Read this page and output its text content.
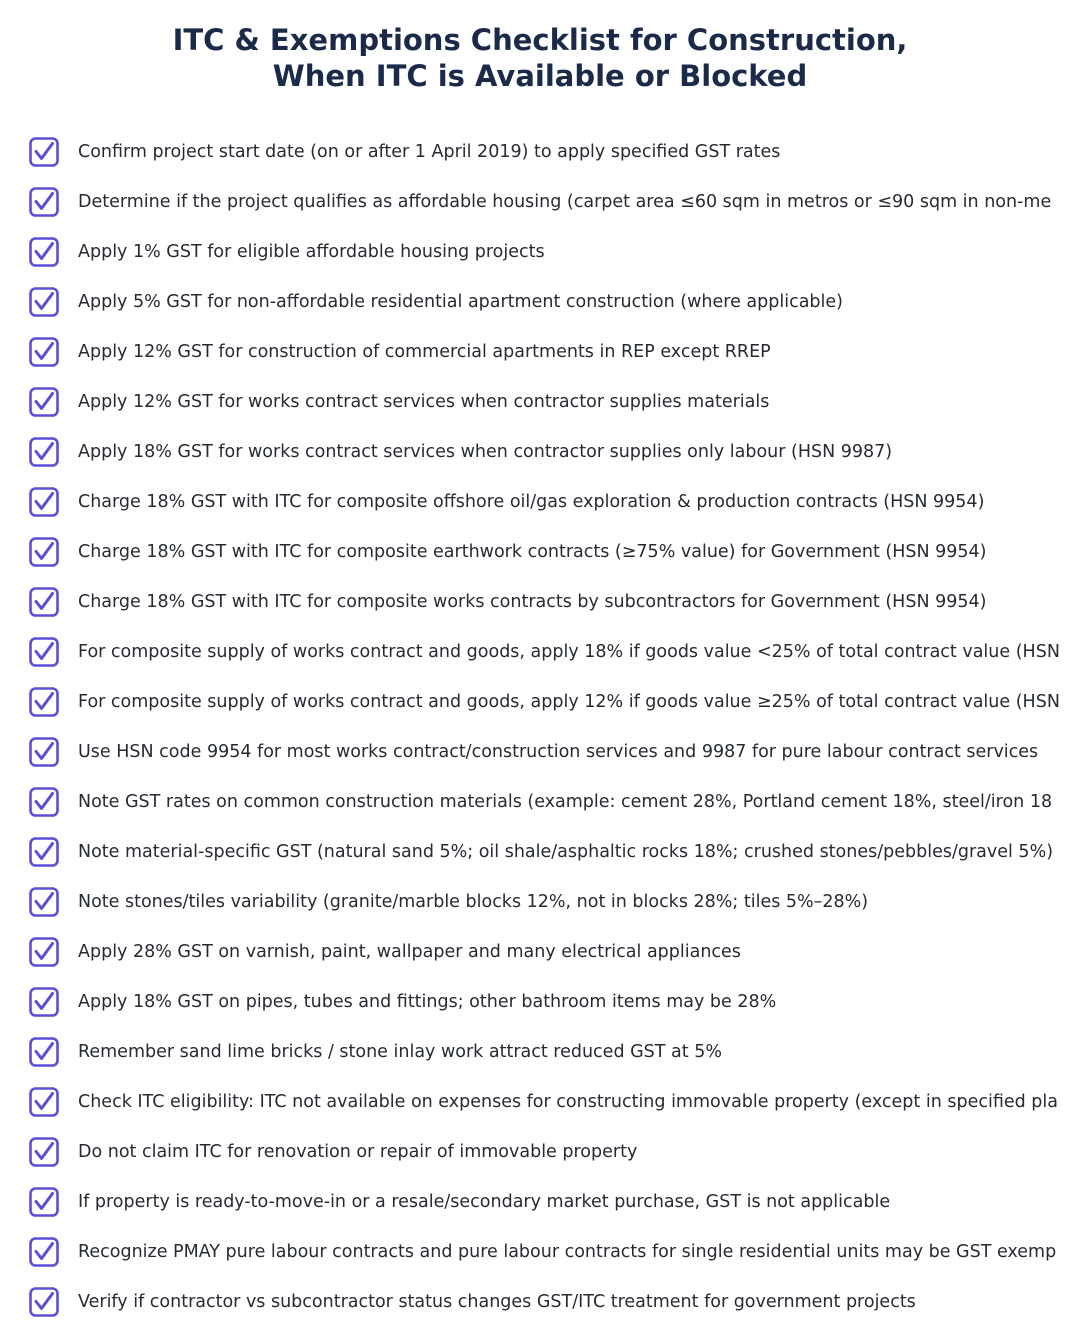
ITC & Exemptions Checklist for Construction,
When ITC is Available or Blocked
Confirm project start date (on or after 1 April 2019) to apply specified GST rates
Determine if the project qualifies as affordable housing (carpet area ≤60 sqm in metros or ≤90 sqm in non-me
Apply 1% GST for eligible affordable housing projects
Apply 5% GST for non-affordable residential apartment construction (where applicable)
Apply 12% GST for construction of commercial apartments in REP except RREP
Apply 12% GST for works contract services when contractor supplies materials
Apply 18% GST for works contract services when contractor supplies only labour (HSN 9987)
Charge 18% GST with ITC for composite offshore oil/gas exploration & production contracts (HSN 9954)
Charge 18% GST with ITC for composite earthwork contracts (≥75% value) for Government (HSN 9954)
Charge 18% GST with ITC for composite works contracts by subcontractors for Government (HSN 9954)
For composite supply of works contract and goods, apply 18% if goods value <25% of total contract value (HSN
For composite supply of works contract and goods, apply 12% if goods value ≥25% of total contract value (HSN
Use HSN code 9954 for most works contract/construction services and 9987 for pure labour contract services
Note GST rates on common construction materials (example: cement 28%, Portland cement 18%, steel/iron 18
Note material-specific GST (natural sand 5%; oil shale/asphaltic rocks 18%; crushed stones/pebbles/gravel 5%)
Note stones/tiles variability (granite/marble blocks 12%, not in blocks 28%; tiles 5%–28%)
Apply 28% GST on varnish, paint, wallpaper and many electrical appliances
Apply 18% GST on pipes, tubes and fittings; other bathroom items may be 28%
Remember sand lime bricks / stone inlay work attract reduced GST at 5%
Check ITC eligibility: ITC not available on expenses for constructing immovable property (except in specified pla
Do not claim ITC for renovation or repair of immovable property
If property is ready-to-move-in or a resale/secondary market purchase, GST is not applicable
Recognize PMAY pure labour contracts and pure labour contracts for single residential units may be GST exemp
Verify if contractor vs subcontractor status changes GST/ITC treatment for government projects
